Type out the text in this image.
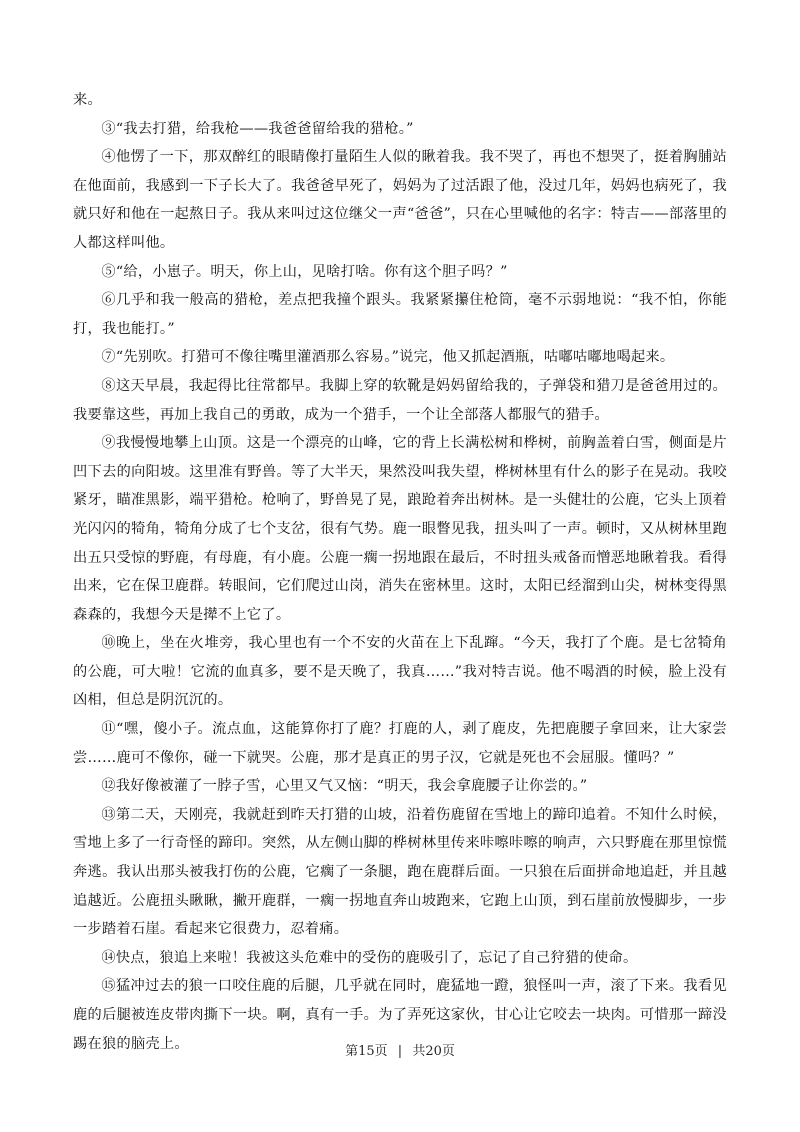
来。

③“我去打猎，给我枪——我爸爸留给我的猎枪。”

④他愣了一下，那双醉红的眼睛像打量陌生人似的瞅着我。我不哭了，再也不想哭了，挺着胸脯站在他面前，我感到一下子长大了。我爸爸早死了，妈妈为了过活跟了他，没过几年，妈妈也病死了，我就只好和他在一起熬日子。我从来叫过这位继父一声“爸爸”，只在心里喊他的名字：特吉——部落里的人都这样叫他。

⑤“给，小崽子。明天，你上山，见啥打啥。你有这个胆子吗？”

⑥几乎和我一般高的猎枪，差点把我撞个跟头。我紧紧攥住枪筒，毫不示弱地说：“我不怕，你能打，我也能打。”

⑦“先别吹。打猎可不像往嘴里灌酒那么容易。”说完，他又抓起酒瓶，咕嘟咕嘟地喝起来。

⑧这天早晨，我起得比往常都早。我脚上穿的软靴是妈妈留给我的，子弹袋和猎刀是爸爸用过的。我要靠这些，再加上我自己的勇敢，成为一个猎手，一个让全部落人都服气的猎手。

⑨我慢慢地攀上山顶。这是一个漂亮的山峰，它的背上长满松树和桦树，前胸盖着白雪，侧面是片凹下去的向阳坡。这里准有野兽。等了大半天，果然没叫我失望，桦树林里有什么的影子在晃动。我咬紧牙，瞄准黑影，端平猎枪。枪响了，野兽晃了晃，踉跄着奔出树林。是一头健壮的公鹿，它头上顶着光闪闪的犄角，犄角分成了七个支岔，很有气势。鹿一眼瞥见我，扭头叫了一声。顿时，又从树林里跑出五只受惊的野鹿，有母鹿，有小鹿。公鹿一瘸一拐地跟在最后，不时扭头戒备而憎恶地瞅着我。看得出来，它在保卫鹿群。转眼间，它们爬过山岗，消失在密林里。这时，太阳已经溜到山尖，树林变得黑森森的，我想今天是撵不上它了。

⑩晚上，坐在火堆旁，我心里也有一个不安的火苗在上下乱蹿。“今天，我打了个鹿。是七岔犄角的公鹿，可大啦！它流的血真多，要不是天晚了，我真……”我对特吉说。他不喝酒的时候，脸上没有凶相，但总是阴沉沉的。

⑪“嘿，傻小子。流点血，这能算你打了鹿？打鹿的人，剥了鹿皮，先把鹿腰子拿回来，让大家尝尝……鹿可不像你，碰一下就哭。公鹿，那才是真正的男子汉，它就是死也不会屈服。懂吗？”

⑫我好像被灌了一脖子雪，心里又气又恼：“明天，我会拿鹿腰子让你尝的。”

⑬第二天，天刚亮，我就赶到昨天打猎的山坡，沿着伤鹿留在雪地上的蹄印追着。不知什么时候，雪地上多了一行奇怪的蹄印。突然，从左侧山脚的桦树林里传来咔嚓咔嚓的响声，六只野鹿在那里惊慌奔逃。我认出那头被我打伤的公鹿，它瘸了一条腿，跑在鹿群后面。一只狼在后面拼命地追赶，并且越追越近。公鹿扭头瞅瞅，撇开鹿群，一瘸一拐地直奔山坡跑来，它跑上山顶，到石崖前放慢脚步，一步一步踏着石崖。看起来它很费力，忍着痛。

⑭快点，狼追上来啦！我被这头危难中的受伤的鹿吸引了，忘记了自己狩猎的使命。

⑮猛冲过去的狼一口咬住鹿的后腿，几乎就在同时，鹿猛地一蹬，狼怪叫一声，滚了下来。我看见鹿的后腿被连皮带肉撕下一块。啊，真有一手。为了弄死这家伙，甘心让它咬去一块肉。可惜那一蹄没踢在狼的脑壳上。	第15页 | 共20页
